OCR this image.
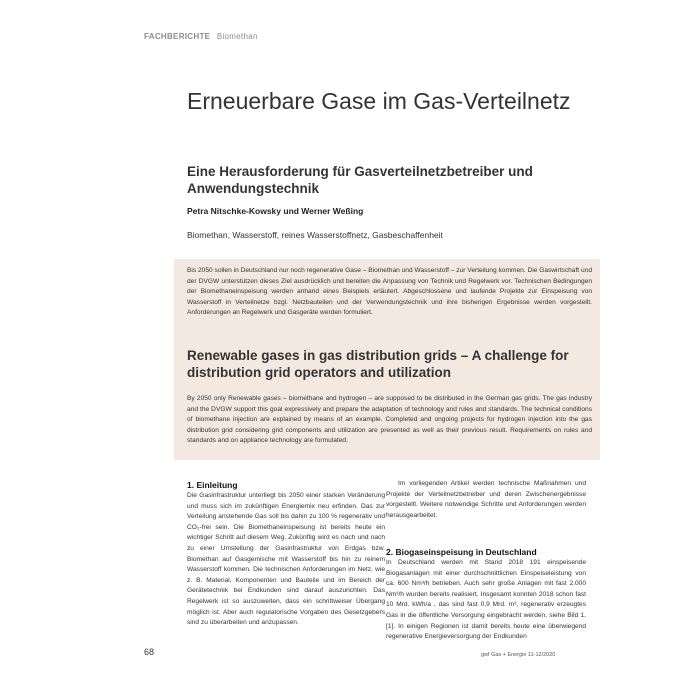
FACHBERICHTE Biomethan
Erneuerbare Gase im Gas-Verteilnetz
Eine Herausforderung für Gasverteilnetzbetreiber und Anwendungstechnik
Petra Nitschke-Kowsky und Werner Weßing
Biomethan, Wasserstoff, reines Wasserstoffnetz, Gasbeschaffenheit

Bis 2050 sollen in Deutschland nur noch regenerative Gase – Biomethan und Wasserstoff – zur Verteilung kommen. Die Gaswirtschaft und der DVGW unterstützen dieses Ziel ausdrücklich und bereiten die Anpassung von Technik und Regelwerk vor. Technischen Bedingungen der Biomethaneinspeisung werden anhand eines Beispiels erläutert. Abgeschlossene und laufende Projekte zur Einspeisung von Wasserstoff in Verteilnetze bzgl. Netzbauteilen und der Verwendungstechnik und ihre bisherigen Ergebnisse werden vorgestellt. Anforderungen an Regelwerk und Gasgeräte werden formuliert.

Renewable gases in gas distribution grids – A challenge for distribution grid operators and utilization

By 2050 only Renewable gases – biomethane and hydrogen – are supposed to be distributed in the German gas grids. The gas industry and the DVGW support this goal expressively and prepare the adaptation of technology and rules and standards. The technical conditions of biomethane injection are explained by means of an example. Completed and ongoing projects for hydrogen injection into the gas distribution grid considering grid components and utilization are presented as well as their previous result. Requirements on rules and standards and on appliance technology are formulated.

1. Einleitung

Die Gasinfrastruktur unterliegt bis 2050 einer starken Veränderung und muss sich im zukünftigen Energiemix neu erfinden. Das zur Verteilung anstehende Gas soll bis dahin zu 100 % regenerativ und CO₂-frei sein. Die Biomethaneinspeisung ist bereits heute ein wichtiger Schritt auf diesem Weg. Zukünftig wird es nach und nach zu einer Umstellung der Gasinfrastruktur von Erdgas bzw. Biomethan auf Gasgemische mit Wasserstoff bis hin zu reinem Wasserstoff kommen. Die technischen Anforderungen im Netz, wie z. B. Material, Komponenten und Bauteile und im Bereich der Gerätetechnik bei Endkunden sind darauf auszurichten. Das Regelwerk ist so auszuweiten, dass ein schrittweiser Übergang möglich ist. Aber auch regulatorische Vorgaben des Gesetzgebers sind zu überarbeiten und anzupassen.

Im vorliegenden Artikel werden technische Maßnahmen und Projekte der Verteilnetzbetreiber und deren Zwischenergebnisse vorgestellt. Weitere notwendige Schritte und Anforderungen werden herausgearbeitet.

2. Biogaseinspeisung in Deutschland

In Deutschland werden mit Stand 2018 191 einspeisende Biogasanlagen mit einer durchschnittlichen Einspeiseleistung von ca. 600 Nm³/h betrieben. Auch sehr große Anlagen mit fast 2.000 Nm³/h wurden bereits realisiert. Insgesamt konnten 2018 schon fast 10 Mrd. kWh/a , das sind fast 0,9 Mrd. m³, regenerativ erzeugtes Gas in die öffentliche Versorgung eingebracht werden, siehe Bild 1, [1]. In einigen Regionen ist damit bereits heute eine überwiegend regenerative Energieversorgung der Endkunden

68	gwf Gas + Energie 11-12/2020
